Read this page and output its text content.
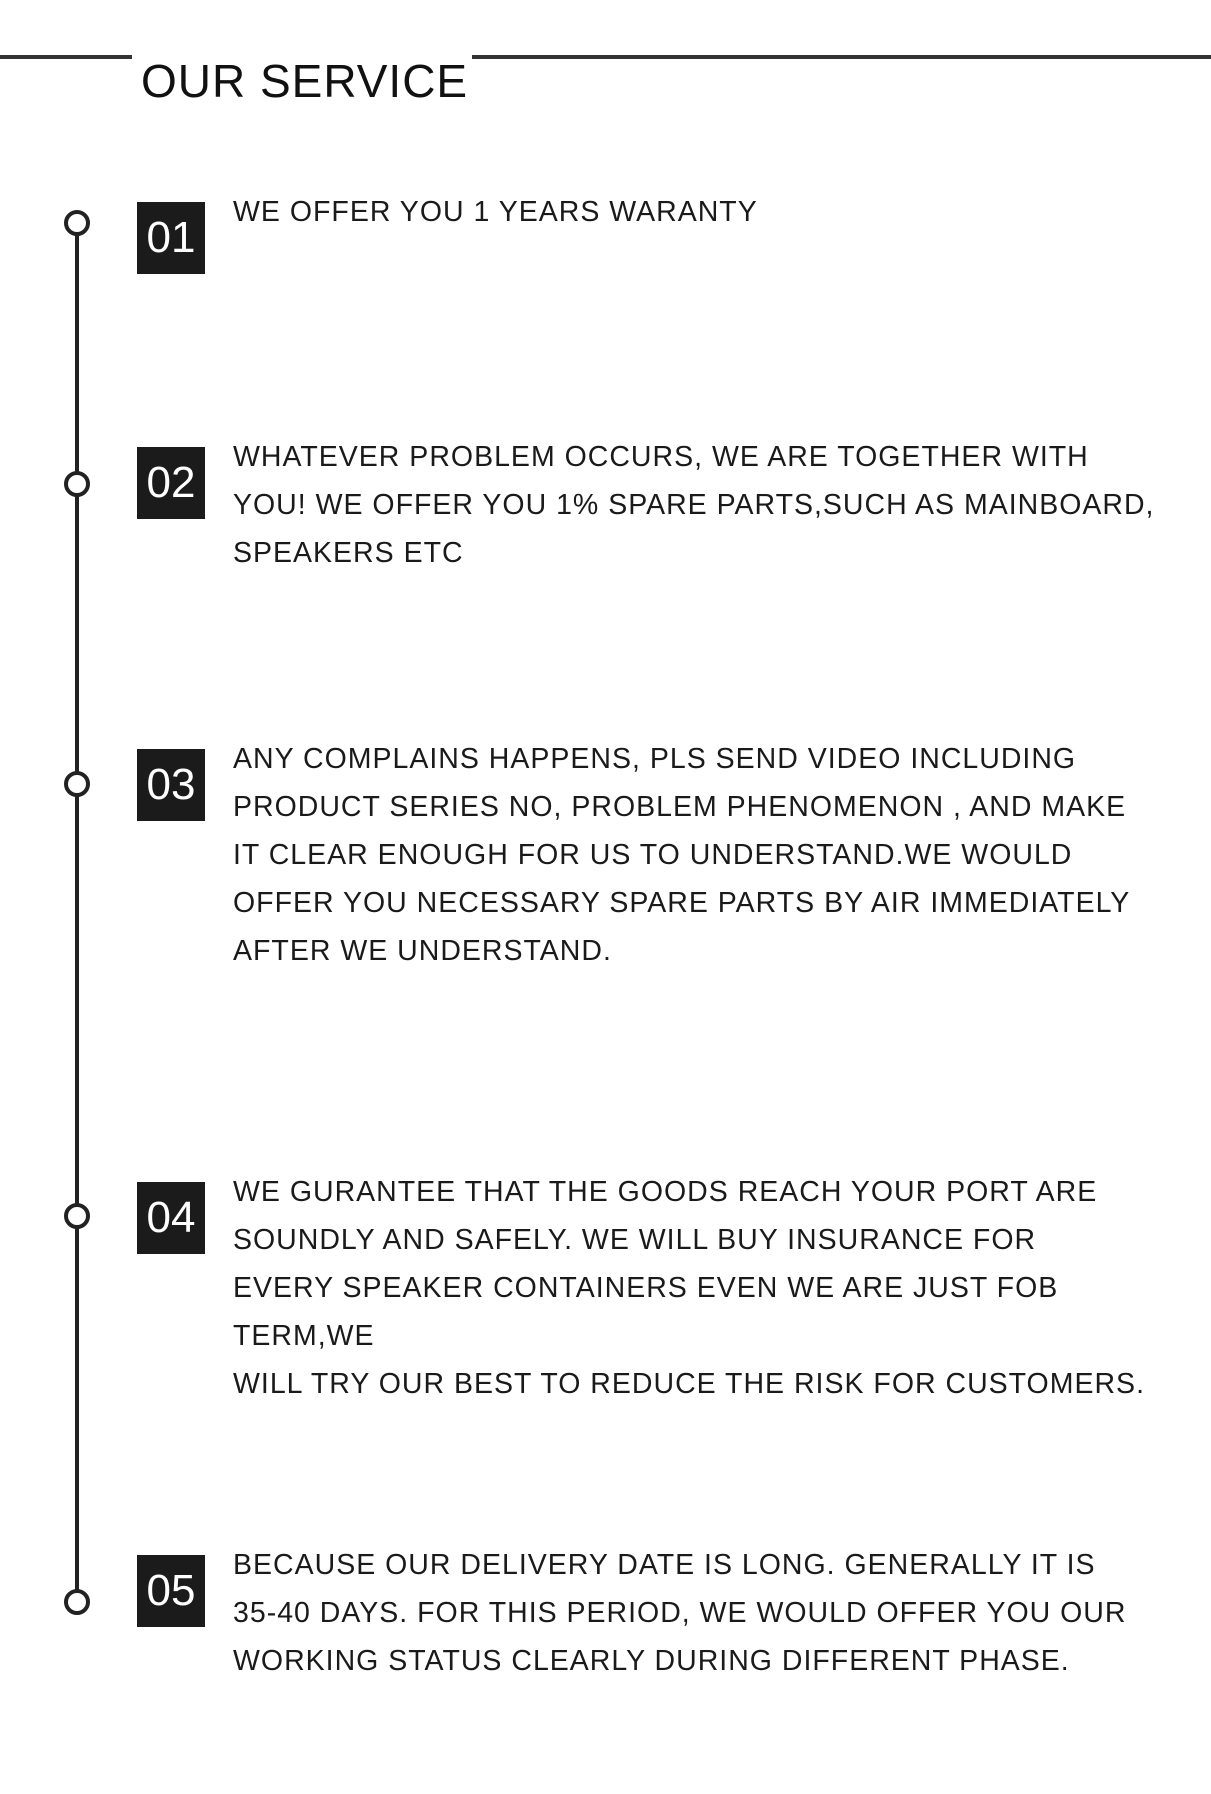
OUR SERVICE
01
WE OFFER YOU 1 YEARS WARANTY
02
WHATEVER PROBLEM OCCURS, WE ARE TOGETHER WITH
YOU! WE OFFER YOU 1% SPARE PARTS,SUCH AS MAINBOARD,
SPEAKERS ETC
03
ANY COMPLAINS HAPPENS, PLS SEND VIDEO INCLUDING
PRODUCT SERIES NO, PROBLEM PHENOMENON , AND MAKE
IT CLEAR ENOUGH FOR US TO UNDERSTAND.WE WOULD
OFFER YOU NECESSARY SPARE PARTS BY AIR IMMEDIATELY
AFTER WE UNDERSTAND.
04
WE GURANTEE THAT THE GOODS REACH YOUR PORT ARE
SOUNDLY AND SAFELY. WE WILL BUY INSURANCE FOR
EVERY SPEAKER CONTAINERS EVEN WE ARE JUST FOB TERM,WE
WILL TRY OUR BEST TO REDUCE THE RISK FOR CUSTOMERS.
05
BECAUSE OUR DELIVERY DATE IS LONG. GENERALLY IT IS
35-40 DAYS. FOR THIS PERIOD, WE WOULD OFFER YOU OUR
WORKING STATUS CLEARLY DURING DIFFERENT PHASE.
